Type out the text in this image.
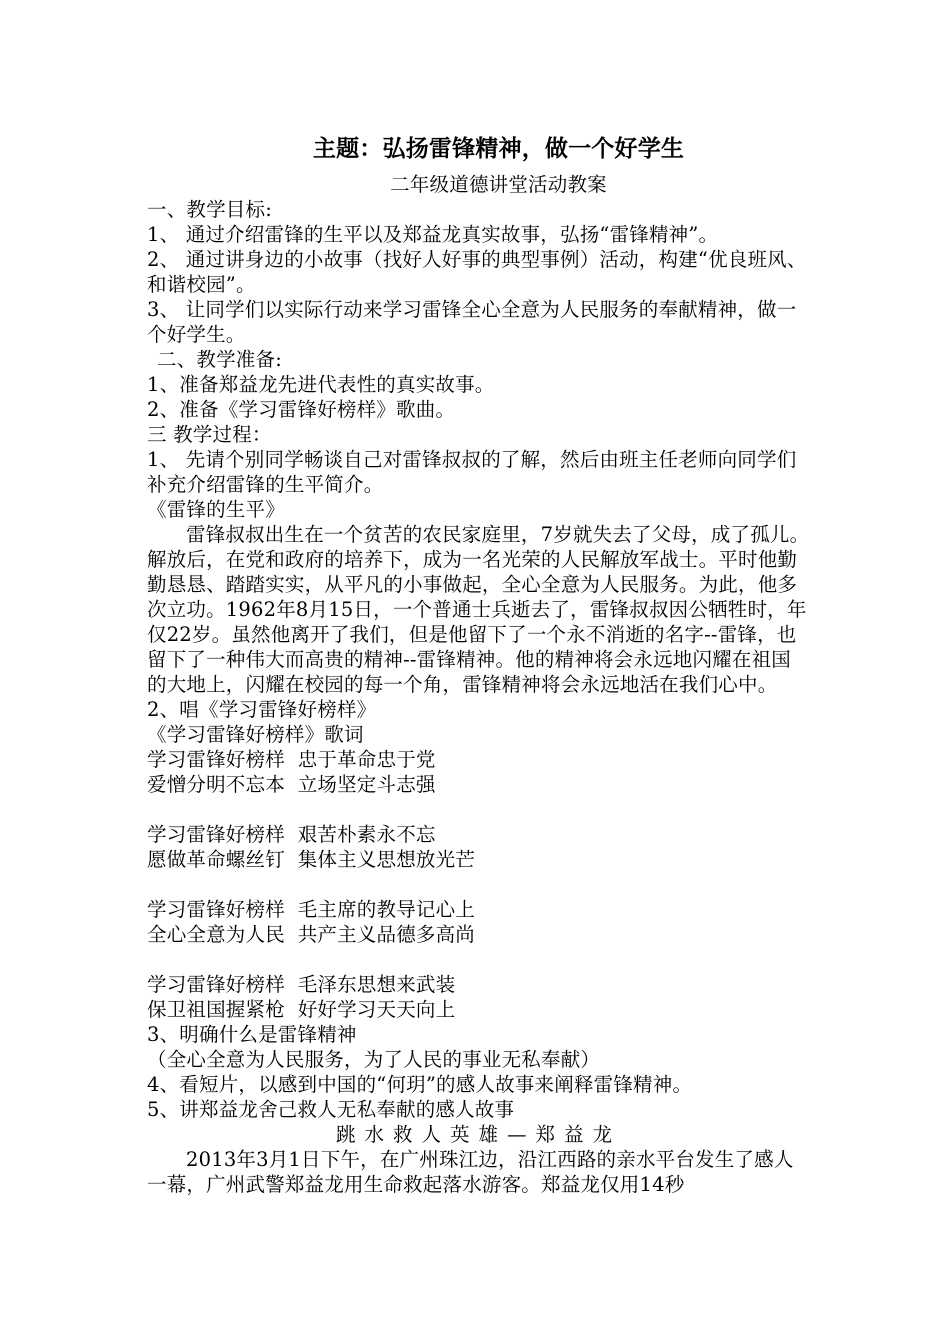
主题：弘扬雷锋精神，做一个好学生

二年级道德讲堂活动教案

一、教学目标:

1、 通过介绍雷锋的生平以及郑益龙真实故事，弘扬“雷锋精神”。

2、 通过讲身边的小故事（找好人好事的典型事例）活动，构建“优良班风、和谐校园”。

3、 让同学们以实际行动来学习雷锋全心全意为人民服务的奉献精神，做一个好学生。

二、教学准备:

1、准备郑益龙先进代表性的真实故事。

2、准备《学习雷锋好榜样》歌曲。

三 教学过程：

1、 先请个别同学畅谈自己对雷锋叔叔的了解，然后由班主任老师向同学们补充介绍雷锋的生平简介。

《雷锋的生平》

雷锋叔叔出生在一个贫苦的农民家庭里，7岁就失去了父母，成了孤儿。解放后，在党和政府的培养下，成为一名光荣的人民解放军战士。平时他勤勤恳恳、踏踏实实，从平凡的小事做起，全心全意为人民服务。为此，他多次立功。1962年8月15日，一个普通士兵逝去了，雷锋叔叔因公牺牲时，年仅22岁。虽然他离开了我们，但是他留下了一个永不消逝的名字--雷锋，也留下了一种伟大而高贵的精神--雷锋精神。他的精神将会永远地闪耀在祖国的大地上，闪耀在校园的每一个角，雷锋精神将会永远地活在我们心中。

2、唱《学习雷锋好榜样》

《学习雷锋好榜样》歌词

学习雷锋好榜样  忠于革命忠于党

爱憎分明不忘本  立场坚定斗志强

学习雷锋好榜样  艰苦朴素永不忘

愿做革命螺丝钉  集体主义思想放光芒

学习雷锋好榜样  毛主席的教导记心上

全心全意为人民  共产主义品德多高尚

学习雷锋好榜样  毛泽东思想来武装

保卫祖国握紧枪  好好学习天天向上

3、明确什么是雷锋精神

（全心全意为人民服务，为了人民的事业无私奉献）

4、看短片，以感到中国的“何玥”的感人故事来阐释雷锋精神。

5、讲郑益龙舍己救人无私奉献的感人故事

跳水救人英雄—郑益龙

2013年3月1日下午，在广州珠江边，沿江西路的亲水平台发生了感人一幕，广州武警郑益龙用生命救起落水游客。郑益龙仅用14秒
